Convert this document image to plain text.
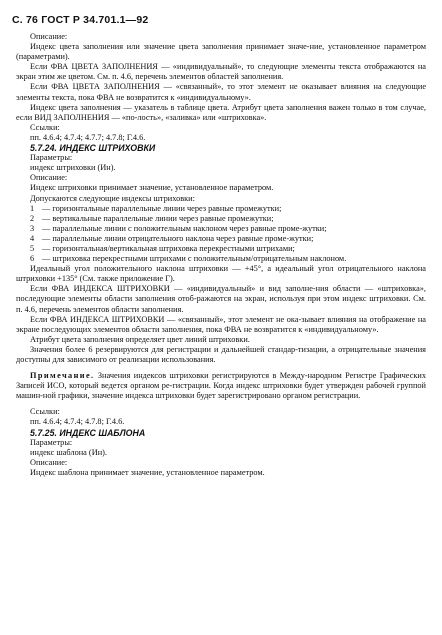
С. 76 ГОСТ Р 34.701.1—92

Описание:

Индекс цвета заполнения или значение цвета заполнения принимает значе-ние, установленное параметром (параметрами).

Если ФВА ЦВЕТА ЗАПОЛНЕНИЯ — «индивидуальный», то следующие элементы текста отображаются на экран этим же цветом. См. п. 4.6, перечень элементов областей заполнения.

Если ФВА ЦВЕТА ЗАПОЛНЕНИЯ — «связанный», то этот элемент не оказывает влияния на следующие элементы текста, пока ФВА не возвратится к «индивидуальному».

Индекс цвета заполнения — указатель в таблице цвета. Атрибут цвета заполнения важен только в том случае, если ВИД ЗАПОЛНЕНИЯ — «по-лость», «заливка» или «штриховка».

Ссылки:

пп. 4.6.4; 4.7.4; 4.7.7; 4.7.8; Г.4.6.

5.7.24. ИНДЕКС ШТРИХОВКИ

Параметры:

индекс штриховки (Ин).

Описание:

Индекс штриховки принимает значение, установленное параметром.

Допускаются следующие индексы штриховки:

1 — горизонтальные параллельные линии через равные промежутки;
2 — вертикальные параллельные линии через равные промежутки;
3 — параллельные линии с положительным наклоном через равные проме-жутки;
4 — параллельные линии отрицательного наклона через равные проме-жутки;
5 — горизонтальная/вертикальная штриховка перекрестными штрихами;
6 — штриховка перекрестными штрихами с положительным/отрицательным наклоном.

Идеальный угол положительного наклона штриховки — +45°, а идеальный угол отрицательного наклона штриховки +135° (См. также приложение Г).

Если ФВА ИНДЕКСА ШТРИХОВКИ — «индивидуальный» и вид заполне-ния области — «штриховка», последующие элементы области заполнения отоб-ражаются на экран, используя при этом индекс штриховки. См. п. 4.6, перечень элементов области заполнения.

Если ФВА ИНДЕКСА ШТРИХОВКИ — «связанный», этот элемент не ока-зывает влияния на отображение на экране последующих элементов области заполнения, пока ФВА не возвратится к «индивидуальному».

Атрибут цвета заполнения определяет цвет линий штриховки.

Значения более 6 резервируются для регистрации и дальнейшей стандар-тизации, а отрицательные значения доступны для зависимого от реализации использования.

Примечание. Значения индексов штриховки регистрируются в Между-народном Регистре Графических Записей ИСО, который ведется органом ре-гистрации. Когда индекс штриховки будет утвержден рабочей группой машин-ной графики, значение индекса штриховки будет зарегистрировано органом регистрации.

Ссылки:

пп. 4.6.4; 4.7.4; 4.7.8; Г.4.6.

5.7.25. ИНДЕКС ШАБЛОНА

Параметры:

индекс шаблона (Ин).

Описание:

Индекс шаблона принимает значение, установленное параметром.
